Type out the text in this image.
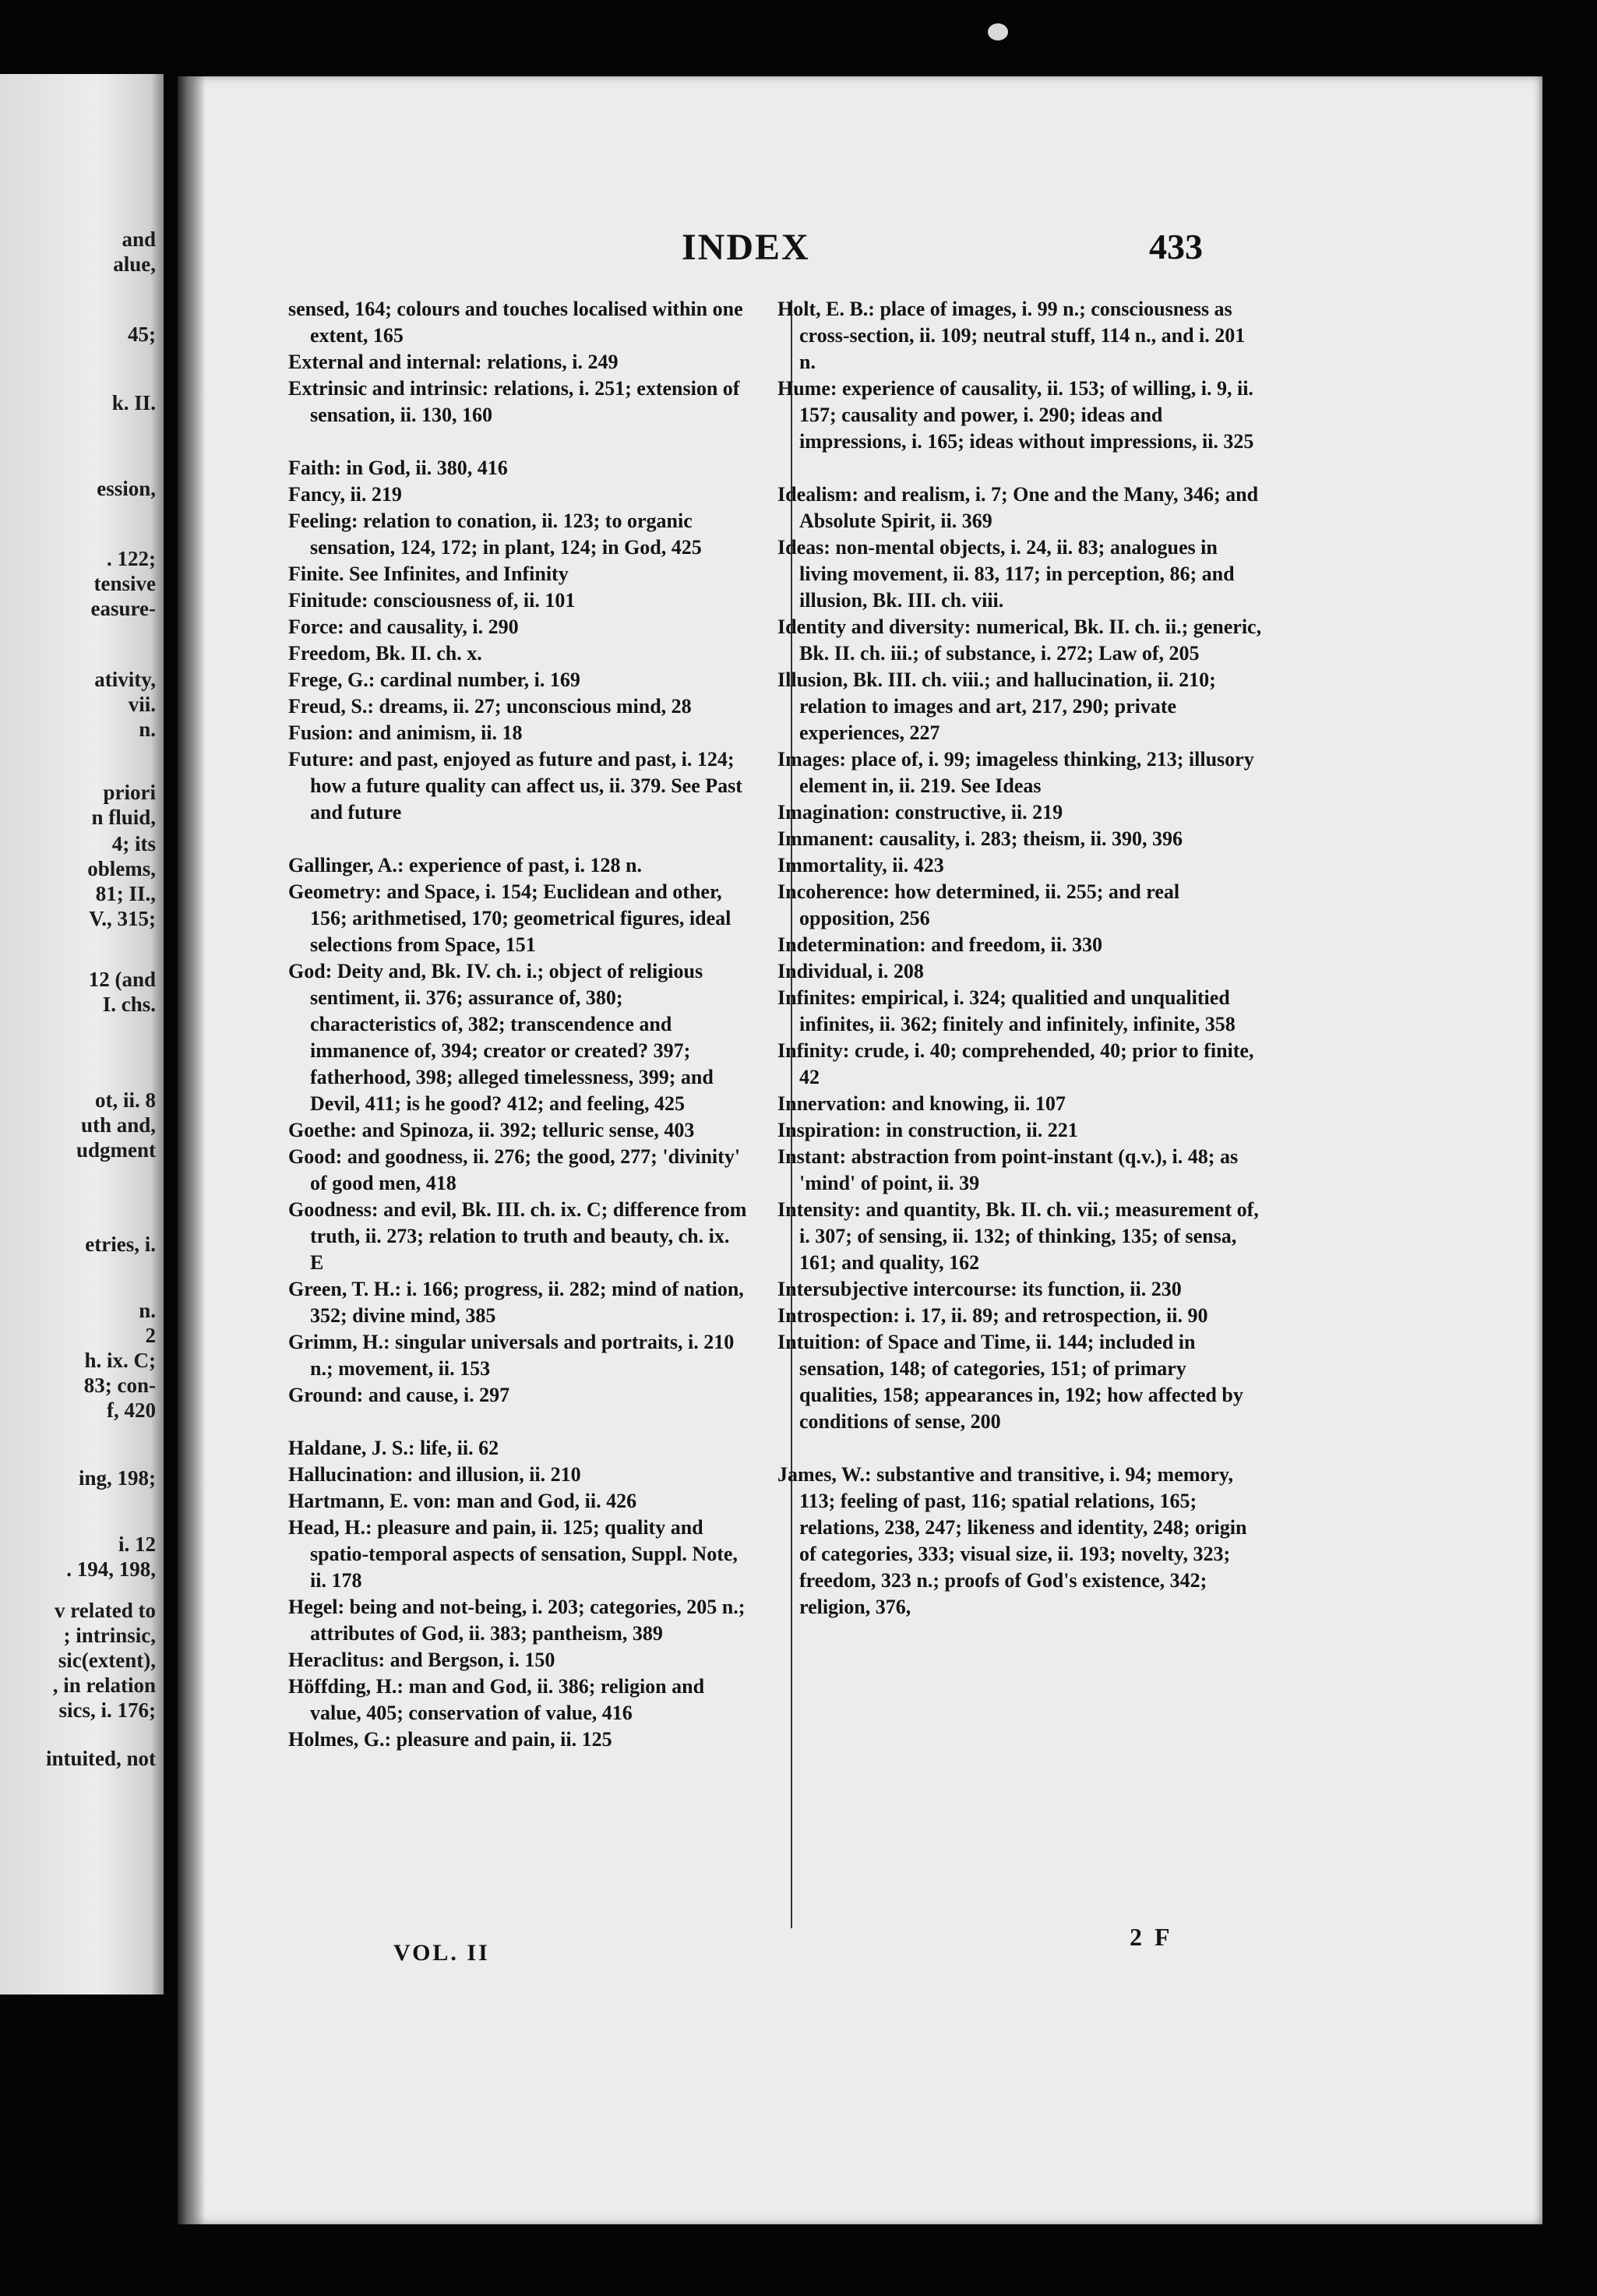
and
alue,
45;
k. II.
ession,
. 122;
tensive
easure-
ativity,
vii.
n.
priori
n fluid,
4; its
oblems,
81; II.,
V., 315;
12 (and
I. chs.
ot, ii. 8
uth and,
udgment
etries, i.
n.
2
h. ix. C;
83; con-
f, 420
ing, 198;
i. 12
. 194, 198,
v related to
; intrinsic,
sic(extent),
, in relation
sics, i. 176;
intuited, not
INDEX	433
sensed, 164; colours and touches localised within one extent, 165
External and internal: relations, i. 249
Extrinsic and intrinsic: relations, i. 251; extension of sensation, ii. 130, 160
Faith: in God, ii. 380, 416
Fancy, ii. 219
Feeling: relation to conation, ii. 123; to organic sensation, 124, 172; in plant, 124; in God, 425
Finite. See Infinites, and Infinity
Finitude: consciousness of, ii. 101
Force: and causality, i. 290
Freedom, Bk. II. ch. x.
Frege, G.: cardinal number, i. 169
Freud, S.: dreams, ii. 27; unconscious mind, 28
Fusion: and animism, ii. 18
Future: and past, enjoyed as future and past, i. 124; how a future quality can affect us, ii. 379. See Past and future
Gallinger, A.: experience of past, i. 128 n.
Geometry: and Space, i. 154; Euclidean and other, 156; arithmetised, 170; geometrical figures, ideal selections from Space, 151
God: Deity and, Bk. IV. ch. i.; object of religious sentiment, ii. 376; assurance of, 380; characteristics of, 382; transcendence and immanence of, 394; creator or created? 397; fatherhood, 398; alleged timelessness, 399; and Devil, 411; is he good? 412; and feeling, 425
Goethe: and Spinoza, ii. 392; telluric sense, 403
Good: and goodness, ii. 276; the good, 277; 'divinity' of good men, 418
Goodness: and evil, Bk. III. ch. ix. C; difference from truth, ii. 273; relation to truth and beauty, ch. ix. E
Green, T. H.: i. 166; progress, ii. 282; mind of nation, 352; divine mind, 385
Grimm, H.: singular universals and portraits, i. 210 n.; movement, ii. 153
Ground: and cause, i. 297
Haldane, J. S.: life, ii. 62
Hallucination: and illusion, ii. 210
Hartmann, E. von: man and God, ii. 426
Head, H.: pleasure and pain, ii. 125; quality and spatio-temporal aspects of sensation, Suppl. Note, ii. 178
Hegel: being and not-being, i. 203; categories, 205 n.; attributes of God, ii. 383; pantheism, 389
Heraclitus: and Bergson, i. 150
Höffding, H.: man and God, ii. 386; religion and value, 405; conservation of value, 416
Holmes, G.: pleasure and pain, ii. 125
Holt, E. B.: place of images, i. 99 n.; consciousness as cross-section, ii. 109; neutral stuff, 114 n., and i. 201 n.
Hume: experience of causality, ii. 153; of willing, i. 9, ii. 157; causality and power, i. 290; ideas and impressions, i. 165; ideas without impressions, ii. 325
Idealism: and realism, i. 7; One and the Many, 346; and Absolute Spirit, ii. 369
Ideas: non-mental objects, i. 24, ii. 83; analogues in living movement, ii. 83, 117; in perception, 86; and illusion, Bk. III. ch. viii.
Identity and diversity: numerical, Bk. II. ch. ii.; generic, Bk. II. ch. iii.; of substance, i. 272; Law of, 205
Illusion, Bk. III. ch. viii.; and hallucination, ii. 210; relation to images and art, 217, 290; private experiences, 227
Images: place of, i. 99; imageless thinking, 213; illusory element in, ii. 219. See Ideas
Imagination: constructive, ii. 219
Immanent: causality, i. 283; theism, ii. 390, 396
Immortality, ii. 423
Incoherence: how determined, ii. 255; and real opposition, 256
Indetermination: and freedom, ii. 330
Individual, i. 208
Infinites: empirical, i. 324; qualitied and unqualitied infinites, ii. 362; finitely and infinitely, infinite, 358
Infinity: crude, i. 40; comprehended, 40; prior to finite, 42
Innervation: and knowing, ii. 107
Inspiration: in construction, ii. 221
Instant: abstraction from point-instant (q.v.), i. 48; as 'mind' of point, ii. 39
Intensity: and quantity, Bk. II. ch. vii.; measurement of, i. 307; of sensing, ii. 132; of thinking, 135; of sensa, 161; and quality, 162
Intersubjective intercourse: its function, ii. 230
Introspection: i. 17, ii. 89; and retrospection, ii. 90
Intuition: of Space and Time, ii. 144; included in sensation, 148; of categories, 151; of primary qualities, 158; appearances in, 192; how affected by conditions of sense, 200
James, W.: substantive and transitive, i. 94; memory, 113; feeling of past, 116; spatial relations, 165; relations, 238, 247; likeness and identity, 248; origin of categories, 333; visual size, ii. 193; novelty, 323; freedom, 323 n.; proofs of God's existence, 342; religion, 376,
VOL. II
2 F
